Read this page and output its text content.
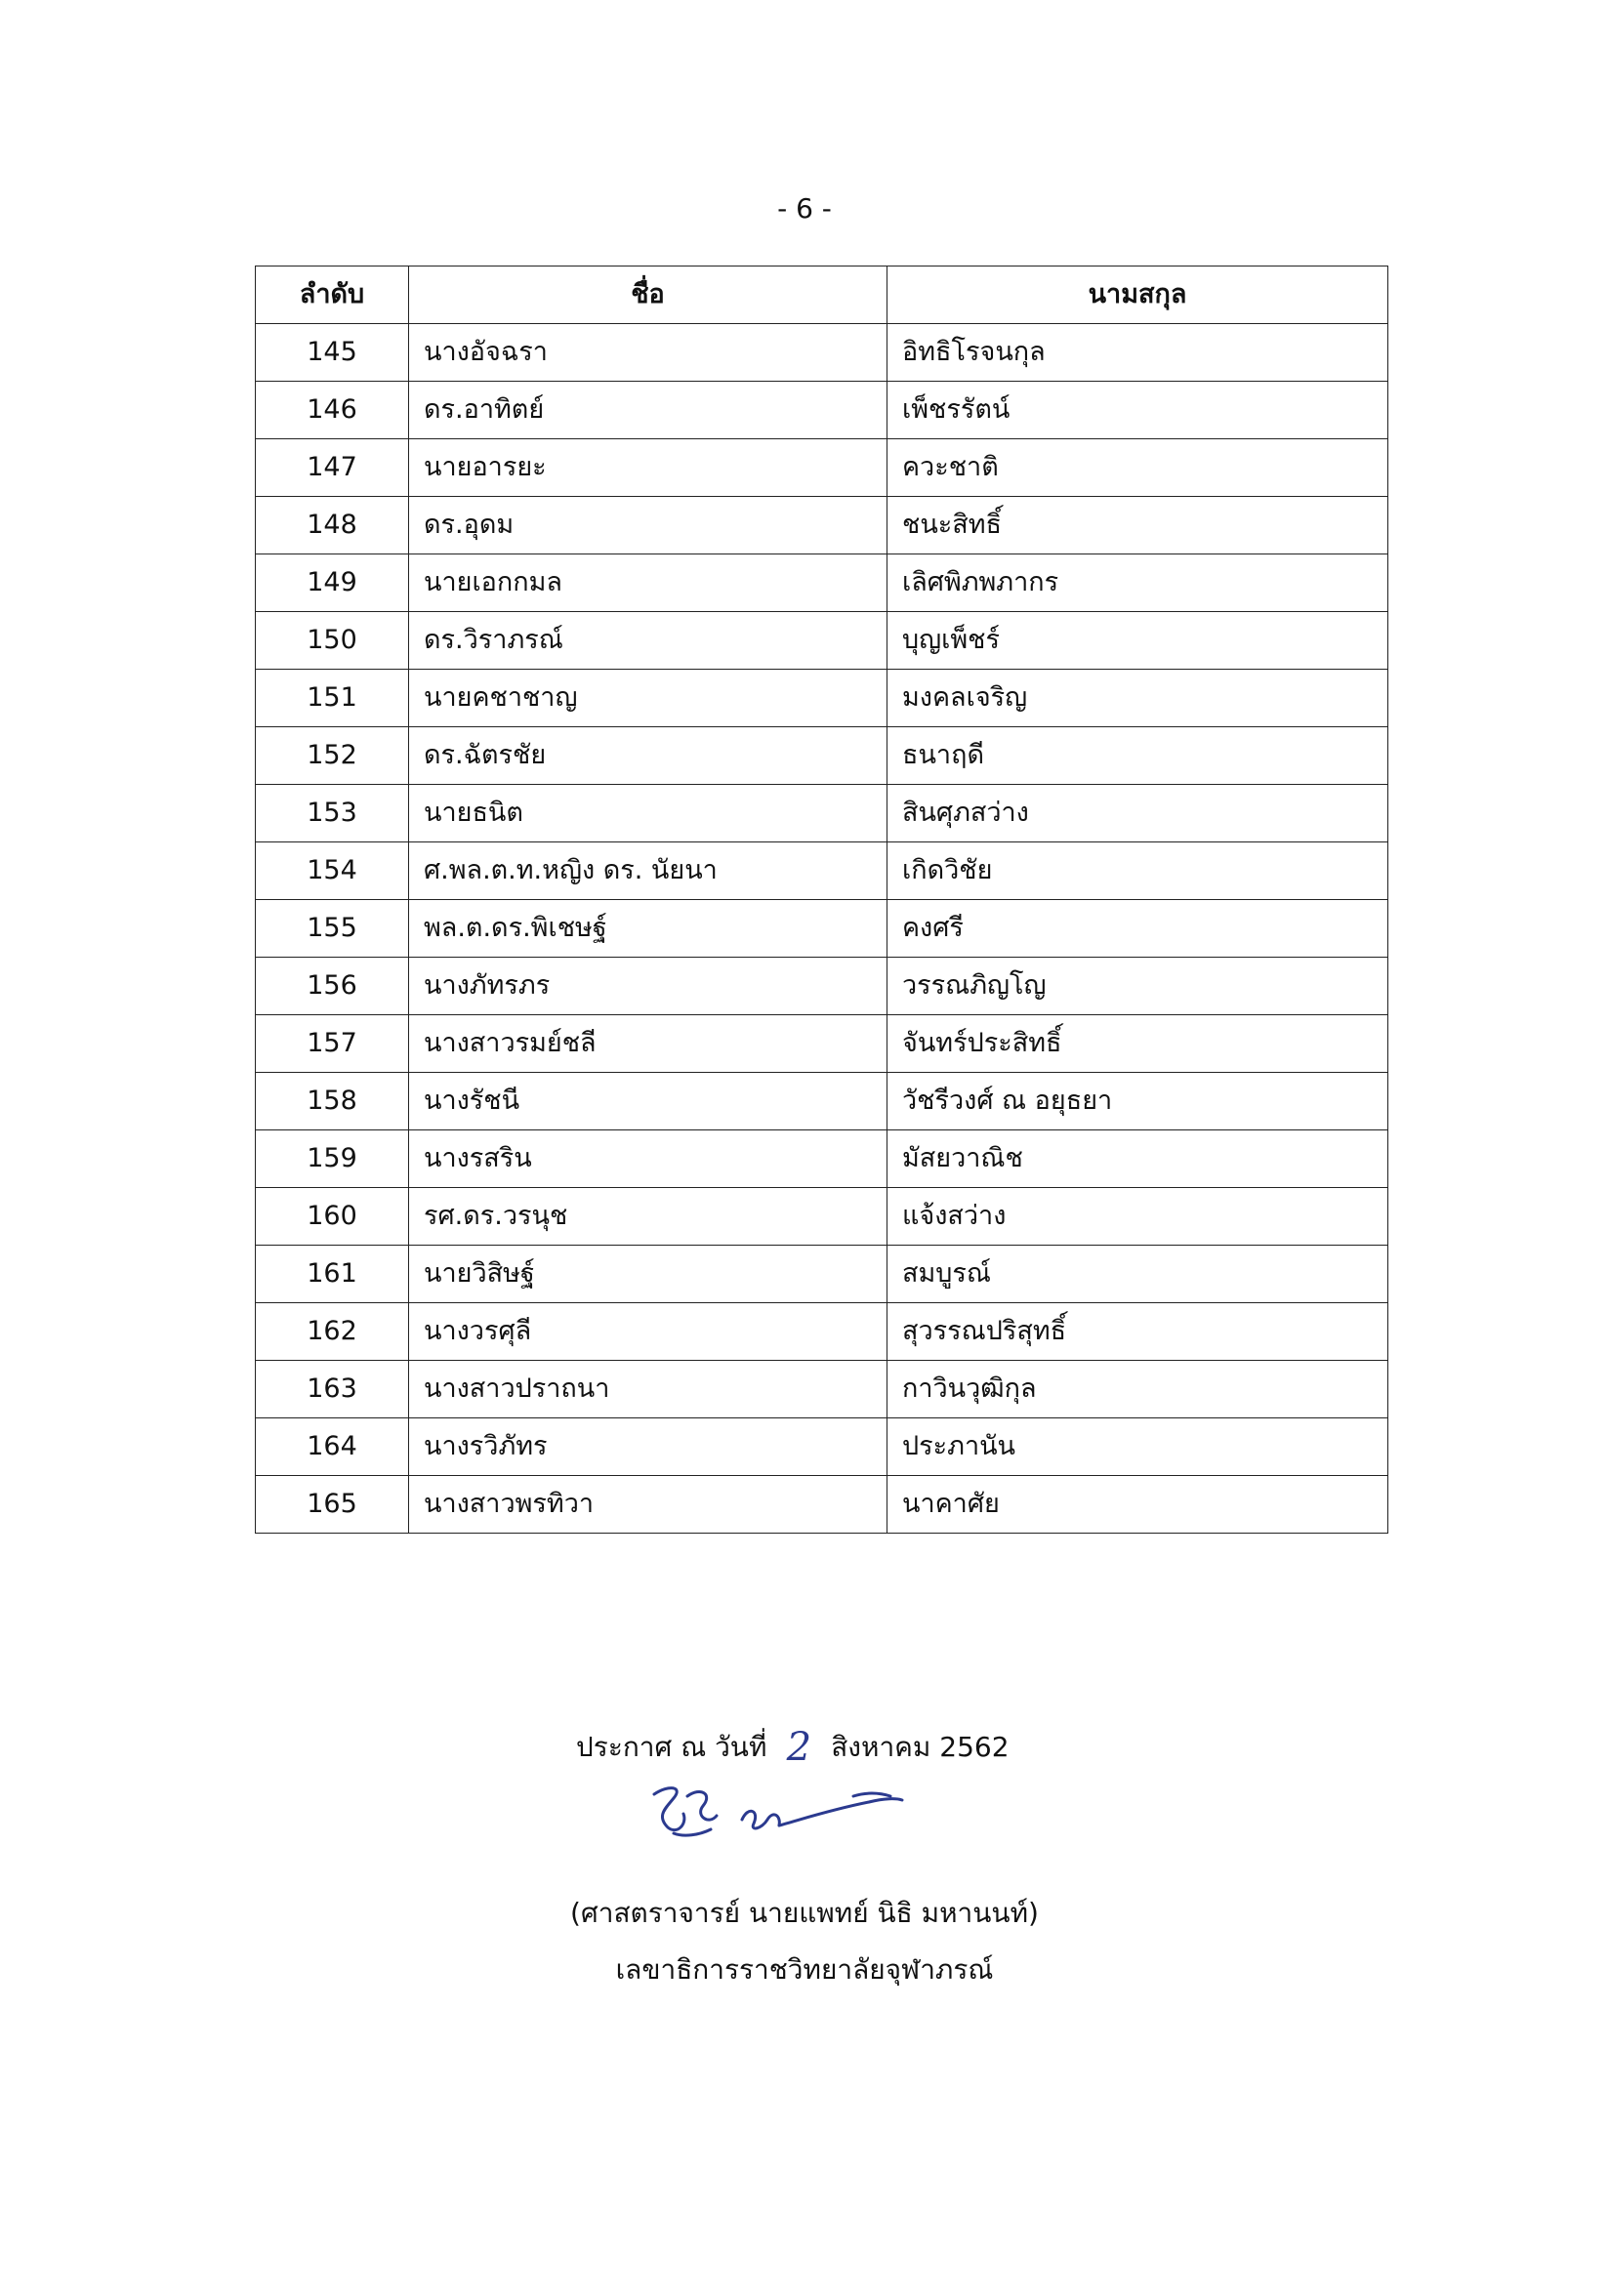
- 6 -
ลำดับ	ชื่อ	นามสกุล
145	นางอัจฉรา	อิทธิโรจนกุล
146	ดร.อาทิตย์	เพ็ชรรัตน์
147	นายอารยะ	ควะชาติ
148	ดร.อุดม	ชนะสิทธิ์
149	นายเอกกมล	เลิศพิภพภากร
150	ดร.วิราภรณ์	บุญเพ็ชร์
151	นายคชาชาญ	มงคลเจริญ
152	ดร.ฉัตรชัย	ธนาฤดี
153	นายธนิต	สินศุภสว่าง
154	ศ.พล.ต.ท.หญิง ดร. นัยนา	เกิดวิชัย
155	พล.ต.ดร.พิเชษฐ์	คงศรี
156	นางภัทรภร	วรรณภิญโญ
157	นางสาวรมย์ชลี	จันทร์ประสิทธิ์
158	นางรัชนี	วัชรีวงศ์ ณ อยุธยา
159	นางรสริน	มัสยวาณิช
160	รศ.ดร.วรนุช	แจ้งสว่าง
161	นายวิสิษฐ์	สมบูรณ์
162	นางวรศุลี	สุวรรณปริสุทธิ์
163	นางสาวปราถนา	กาวินวุฒิกุล
164	นางรวิภัทร	ประภานัน
165	นางสาวพรทิวา	นาคาศัย
ประกาศ ณ วันที่ 2 สิงหาคม 2562
(ศาสตราจารย์ นายแพทย์ นิธิ มหานนท์)
เลขาธิการราชวิทยาลัยจุฬาภรณ์
